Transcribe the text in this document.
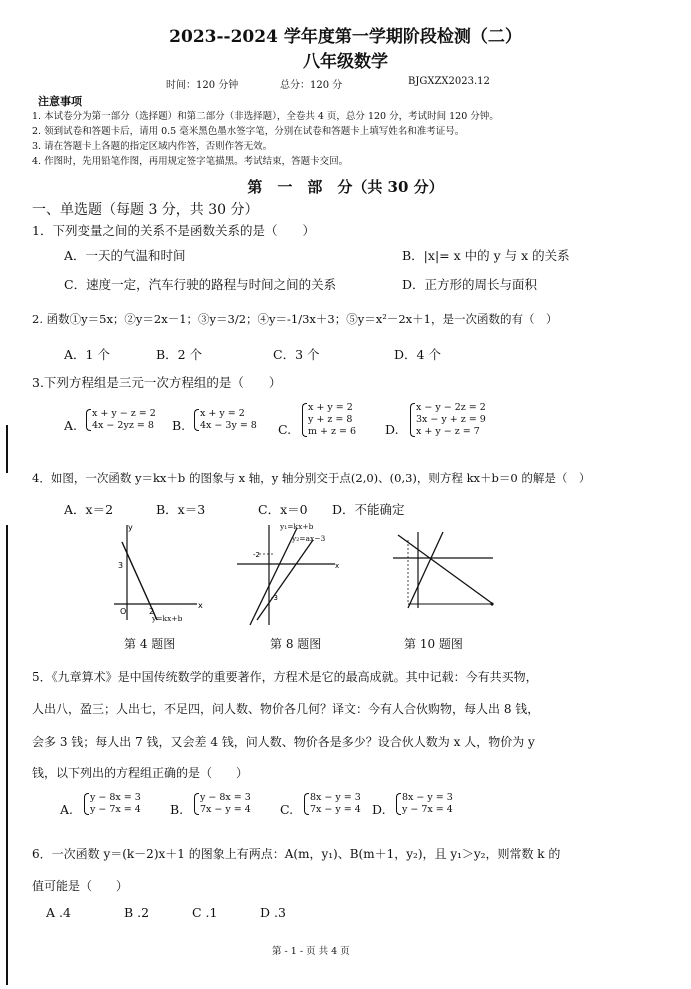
2023--2024 学年度第一学期阶段检测（二）
八年级数学
时间：120 分钟	总分：120 分	BJGXZX2023.12
注意事项
1. 本试卷分为第一部分（选择题）和第二部分（非选择题），全卷共 4 页，总分 120 分，考试时间 120 分钟。
2. 领到试卷和答题卡后，请用 0.5 毫米黑色墨水签字笔，分别在试卷和答题卡上填写姓名和准考证号。
3. 请在答题卡上各题的指定区域内作答，否则作答无效。
4. 作图时，先用铅笔作图，再用规定签字笔描黑。考试结束，答题卡交回。
第　一　部　分（共 30 分）
一、单选题（每题 3 分，共 30 分）
1．下列变量之间的关系不是函数关系的是（　　）
A．一天的气温和时间	B．|x|= x 中的 y 与 x 的关系
C．速度一定，汽车行驶的路程与时间之间的关系	D．正方形的周长与面积
2. 函数①y＝5x；②y＝2x－1；③y＝3/2；④y＝-1/3x＋3；⑤y＝x²－2x＋1，是一次函数的有（　）
A．1 个	B．2 个	C．3 个	D．4 个
3.下列方程组是三元一次方程组的是（　　）
A.
x + y − z = 2
4x − 2yz = 8 B.
x + y = 2
4x − 3y = 8 C.
x + y = 2
y + z = 8
m + z = 6 D.
x − y − 2z = 2
3x − y + z = 9
x + y − z = 7
4．如图，一次函数 y＝kx＋b 的图象与 x 轴，y 轴分别交于点(2,0)、(0,3)，则方程 kx＋b＝0 的解是（　）
A．x＝2	B．x＝3	C．x＝0 D．不能确定
3
O	2
x
y
y=kx+b
-2
-3
x
y₁=kx+b
y₂=ax−3
第 4 题图	第 8 题图	第 10 题图
5．《九章算术》是中国传统数学的重要著作，方程术是它的最高成就。其中记载：今有共买物，
人出八，盈三；人出七，不足四，问人数、物价各几何？译文：今有人合伙购物，每人出 8 钱，
会多 3 钱；每人出 7 钱，又会差 4 钱，问人数、物价各是多少？设合伙人数为 x 人，物价为 y
钱，以下列出的方程组正确的是（　　）
A.
y − 8x = 3
y − 7x = 4 B.
y − 8x = 3
7x − y = 4 C.
8x − y = 3
7x − y = 4 D.
8x − y = 3
y − 7x = 4
6．一次函数 y＝(k－2)x＋1 的图象上有两点：A(m，y₁)、B(m＋1，y₂)，且 y₁＞y₂，则常数 k 的
值可能是（　　）
A .4	B .2	C .1	D .3
第 - 1 - 页 共 4 页
